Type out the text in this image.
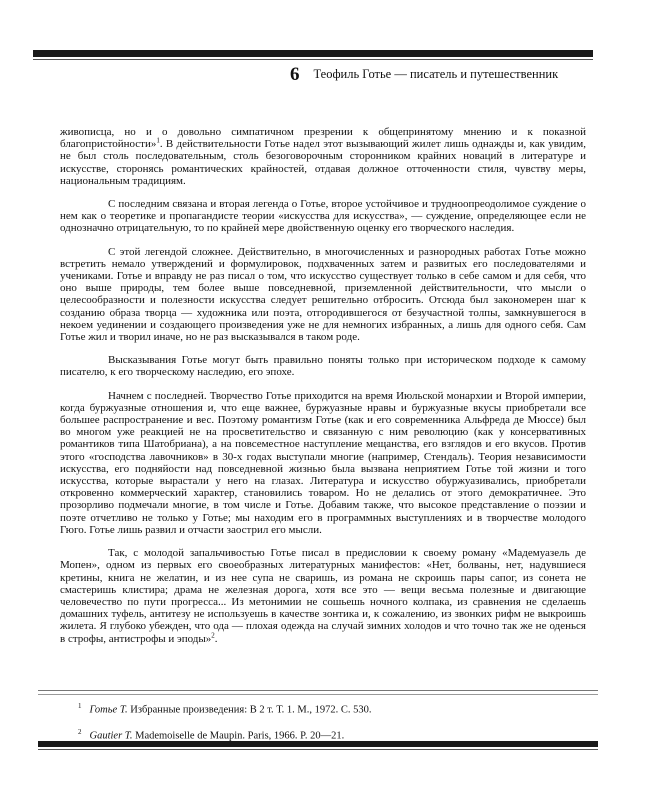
6 Теофиль Готье — писатель и путешественник

живописца, но и о довольно симпатичном презрении к общепринятому мнению и к показной благопристойности»$^1$. В действительности Готье надел этот вызывающий жилет лишь однажды и, как увидим, не был столь последовательным, столь безоговорочным сторонником крайних новаций в литературе и искусстве, сторонясь романтических крайностей, отдавая должное отточенности стиля, чувству меры, национальным традициям.

С последним связана и вторая легенда о Готье, второе устойчивое и трудноопреодолимое суждение о нем как о теоретике и пропагандисте теории «искусства для искусства», — суждение, определяющее если не однозначно отрицательную, то по крайней мере двойственную оценку его творческого наследия.

С этой легендой сложнее. Действительно, в многочисленных и разнородных работах Готье можно встретить немало утверждений и формулировок, подхваченных затем и развитых его последователями и учениками. Готье и вправду не раз писал о том, что искусство существует только в себе самом и для себя, что оно выше природы, тем более выше повседневной, приземленной действительности, что мысли о целесообразности и полезности искусства следует решительно отбросить. Отсюда был закономерен шаг к созданию образа творца — художника или поэта, отгородившегося от безучастной толпы, замкнувшегося в некоем уединении и создающего произведения уже не для немногих избранных, а лишь для одного себя. Сам Готье жил и творил иначе, но не раз высказывался в таком роде.

Высказывания Готье могут быть правильно поняты только при историческом подходе к самому писателю, к его творческому наследию, его эпохе.

Начнем с последней. Творчество Готье приходится на время Июльской монархии и Второй империи, когда буржуазные отношения и, что еще важнее, буржуазные нравы и буржуазные вкусы приобретали все большее распространение и вес. Поэтому романтизм Готье (как и его современника Альфреда де Мюссе) был во многом уже реакцией не на просветительство и связанную с ним революцию (как у консервативных романтиков типа Шатобриана), а на повсеместное наступление мещанства, его взглядов и его вкусов. Против этого «господства лавочников» в 30-х годах выступали многие (например, Стендаль). Теория независимости искусства, его подняйости над повседневной жизнью была вызвана неприятием Готье той жизни и того искусства, которые вырастали у него на глазах. Литература и искусство обуржуазивались, приобретали откровенно коммерческий характер, становились товаром. Но не делались от этого демократичнее. Это прозорливо подмечали многие, в том числе и Готье. Добавим также, что высокое представление о поэзии и поэте отчетливо не только у Готье; мы находим его в программных выступлениях и в творчестве молодого Гюго. Готье лишь развил и отчасти заострил его мысли.

Так, с молодой запальчивостью Готье писал в предисловии к своему роману «Мадемуазель де Мопен», одном из первых его своеобразных литературных манифестов: «Нет, болваны, нет, надувшиеся кретины, книга не желатин, и из нее супа не сваришь, из романа не скроишь пары сапог, из сонета не смастеришь клистира; драма не железная дорога, хотя все это — вещи весьма полезные и двигающие человечество по пути прогресса... Из метонимии не сошьешь ночного колпака, из сравнения не сделаешь домашних туфель, антитезу не используешь в качестве зонтика и, к сожалению, из звонких рифм не выкроишь жилета. Я глубоко убежден, что ода — плохая одежда на случай зимних холодов и что точно так же не оденься в строфы, антистрофы и эподы»$^2$.

$^1$ Готье Т. Избранные произведения: В 2 т. Т. 1. М., 1972. С. 530.
$^2$ Gautier T. Mademoiselle de Maupin. Paris, 1966. P. 20—21.
